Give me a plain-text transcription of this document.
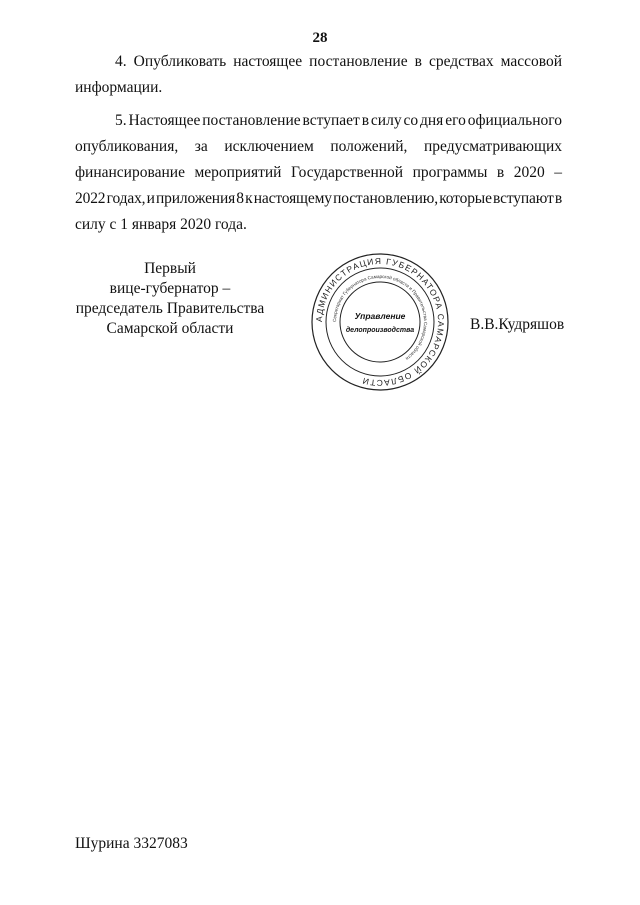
28
4. Опубликовать настоящее постановление в средствах массовой
информации.
5. Настоящее постановление вступает в силу со дня его официального
опубликования, за исключением положений, предусматривающих
финансирование мероприятий Государственной программы в 2020 –
2022 годах, и приложения 8 к настоящему постановлению, которые вступают в
силу с 1 января 2020 года.
АДМИНИСТРАЦИЯ ГУБЕРНАТОРА САМАРСКОЙ ОБЛАСТИ
Секретариат Губернатора Самарской области и Правительства Самарской области
Управление
делопроизводства
Первый
вице-губернатор –
председатель Правительства
Самарской области	В.В.Кудряшов
Шурина 3327083
